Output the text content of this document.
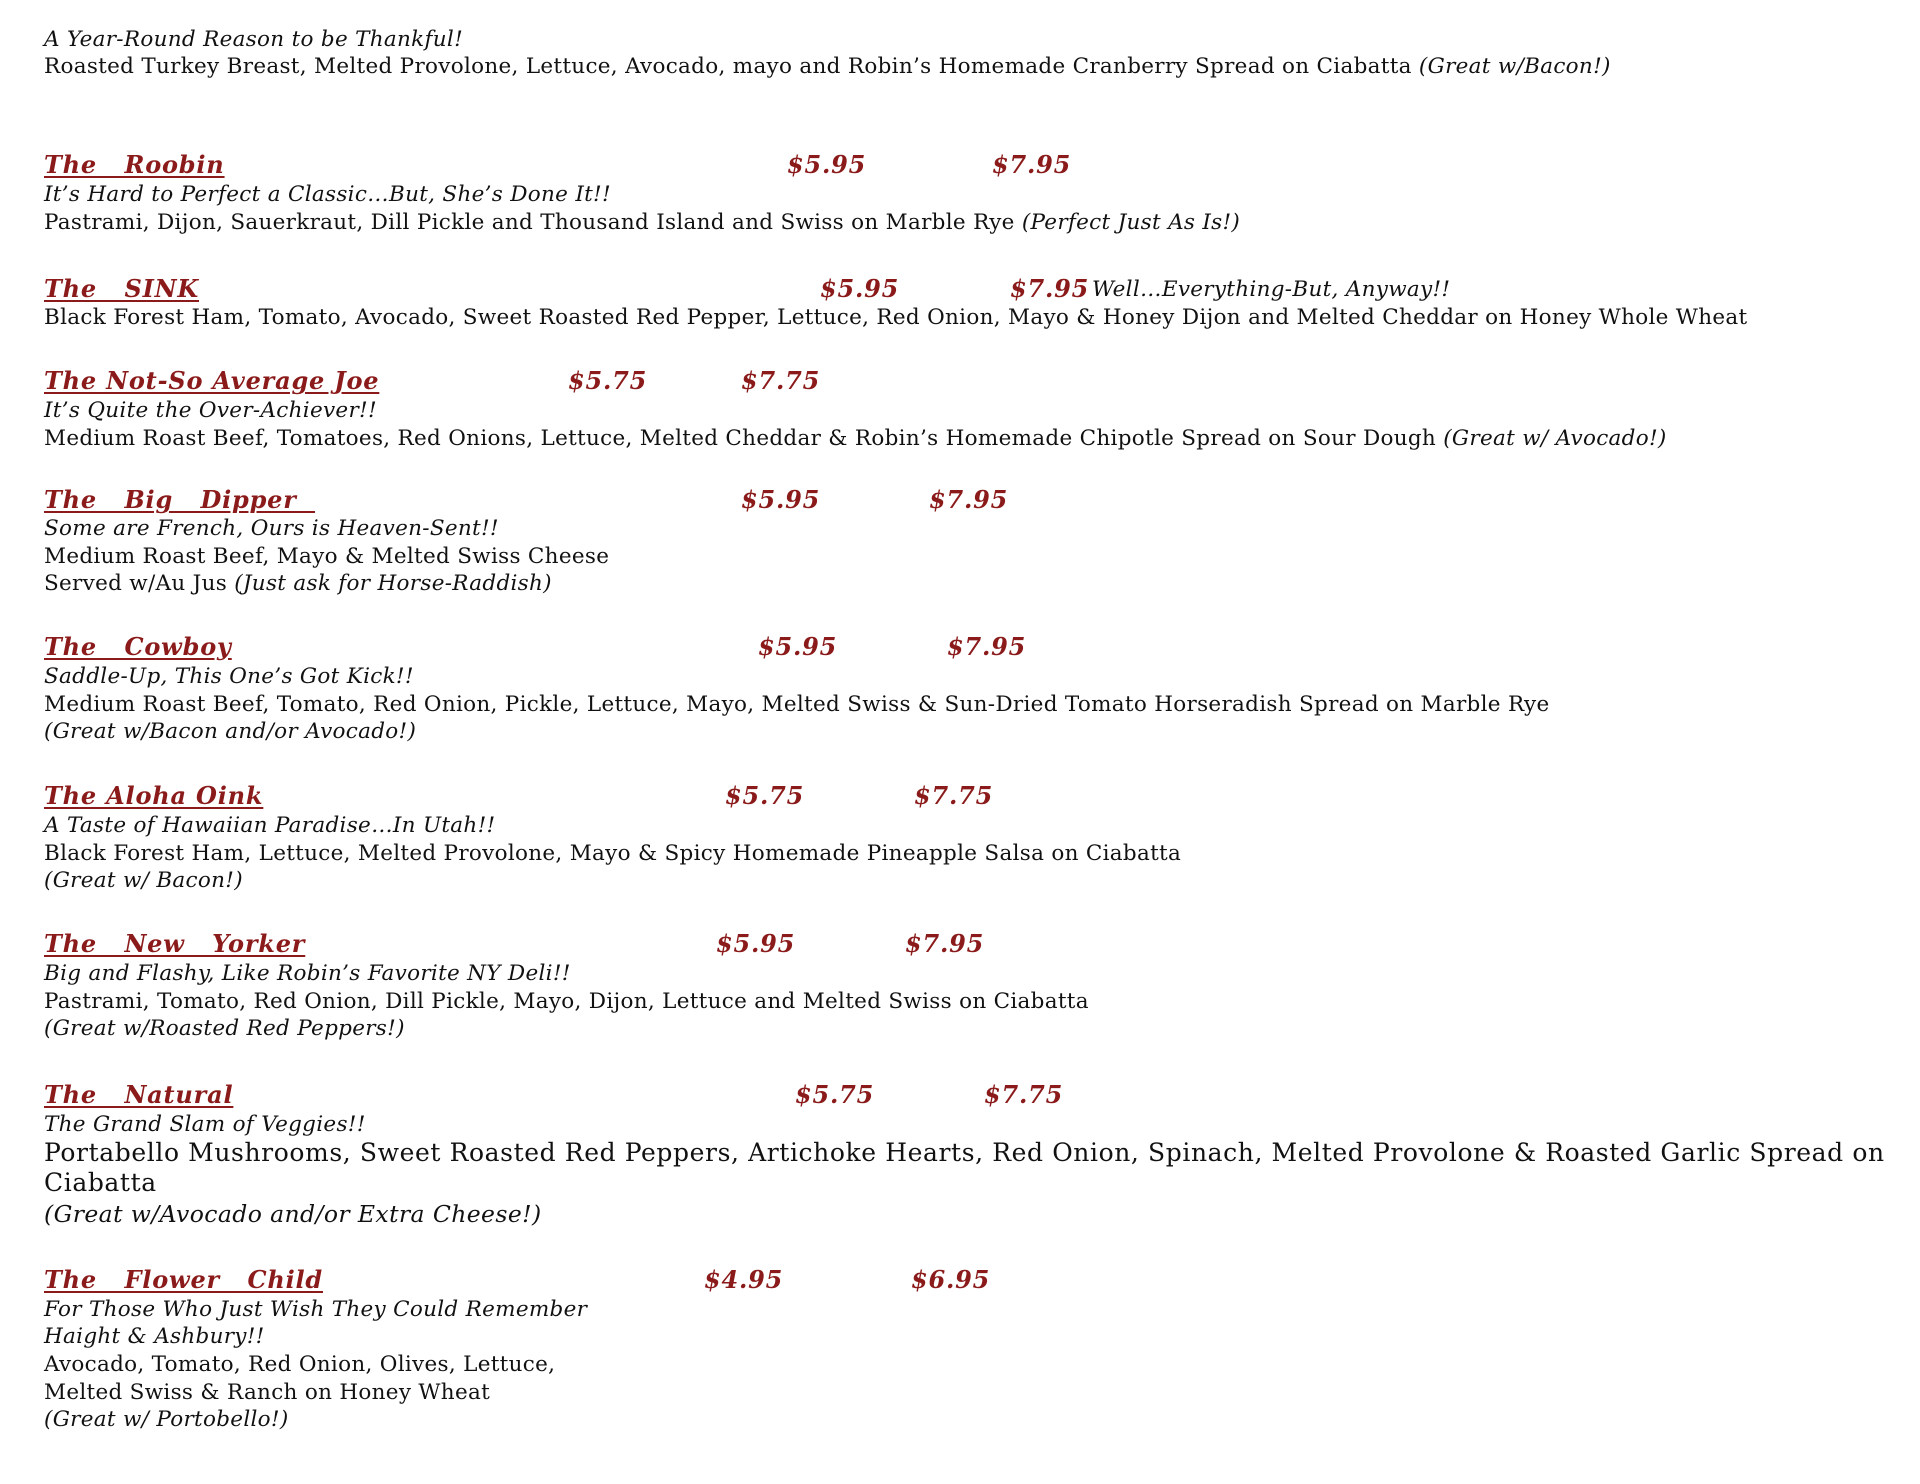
A Year-Round Reason to be Thankful!
Roasted Turkey Breast, Melted Provolone, Lettuce, Avocado, mayo and Robin’s Homemade Cranberry Spread on Ciabatta (Great w/Bacon!)
The   Roobin	$5.95	$7.95
It’s Hard to Perfect a Classic…But, She’s Done It!!
Pastrami, Dijon, Sauerkraut, Dill Pickle and Thousand Island and Swiss on Marble Rye (Perfect Just As Is!)
The   SINK	$5.95	$7.95 Well…Everything-But, Anyway!!
Black Forest Ham, Tomato, Avocado, Sweet Roasted Red Pepper, Lettuce, Red Onion, Mayo & Honey Dijon and Melted Cheddar on Honey Whole Wheat
The Not-So Average Joe	$5.75	$7.75
It’s Quite the Over-Achiever!!
Medium Roast Beef, Tomatoes, Red Onions, Lettuce, Melted Cheddar & Robin’s Homemade Chipotle Spread on Sour Dough (Great w/ Avocado!)
The   Big   Dipper	$5.95	$7.95
Some are French, Ours is Heaven-Sent!!
Medium Roast Beef, Mayo & Melted Swiss Cheese
Served w/Au Jus (Just ask for Horse-Raddish)
The   Cowboy	$5.95	$7.95
Saddle-Up, This One’s Got Kick!!
Medium Roast Beef, Tomato, Red Onion, Pickle, Lettuce, Mayo, Melted Swiss & Sun-Dried Tomato Horseradish Spread on Marble Rye
(Great w/Bacon and/or Avocado!)
The Aloha Oink	$5.75	$7.75
A Taste of Hawaiian Paradise…In Utah!!
Black Forest Ham, Lettuce, Melted Provolone, Mayo & Spicy Homemade Pineapple Salsa on Ciabatta
(Great w/ Bacon!)
The   New   Yorker	$5.95	$7.95
Big and Flashy, Like Robin’s Favorite NY Deli!!
Pastrami, Tomato, Red Onion, Dill Pickle, Mayo, Dijon, Lettuce and Melted Swiss on Ciabatta
(Great w/Roasted Red Peppers!)
The   Natural	$5.75	$7.75
The Grand Slam of Veggies!!
Portabello Mushrooms, Sweet Roasted Red Peppers, Artichoke Hearts, Red Onion, Spinach, Melted Provolone & Roasted Garlic Spread on
Ciabatta
(Great w/Avocado and/or Extra Cheese!)
The   Flower   Child	$4.95	$6.95
For Those Who Just Wish They Could Remember
Haight & Ashbury!!
Avocado, Tomato, Red Onion, Olives, Lettuce,
Melted Swiss & Ranch on Honey Wheat
(Great w/ Portobello!)
